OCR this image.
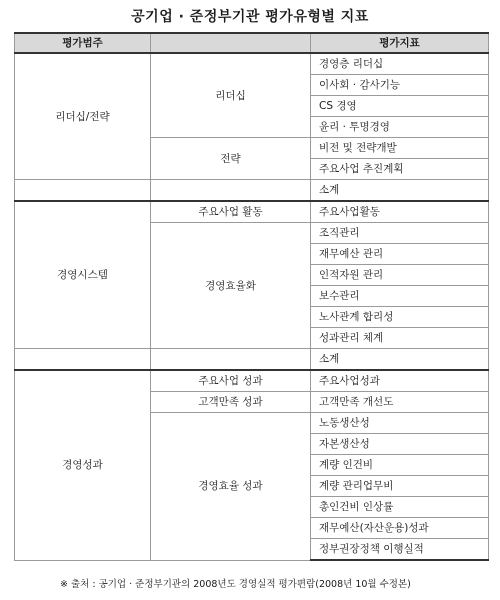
공기업 · 준정부기관 평가유형별 지표
평가범주		평가지표
리더십/전략	리더십	경영층 리더십
		이사회 · 감사기능
		CS 경영
		윤리 · 투명경영
	전략	비전 및 전략개발
		주요사업 추진계획
		소계
경영시스템	주요사업 활동	주요사업활동
	경영효율화	조직관리
		재무예산 관리
		인적자원 관리
		보수관리
		노사관계 합리성
		성과관리 체계
		소계
경영성과	주요사업 성과	주요사업성과
	고객만족 성과	고객만족 개선도
	경영효율 성과	노동생산성
		자본생산성
		계량 인건비
		계량 관리업무비
		총인건비 인상률
		재무예산(자산운용)성과
		정부권장정책 이행실적
※ 출처 : 공기업 · 준정부기관의 2008년도 경영실적 평가편람(2008년 10월 수정본)
